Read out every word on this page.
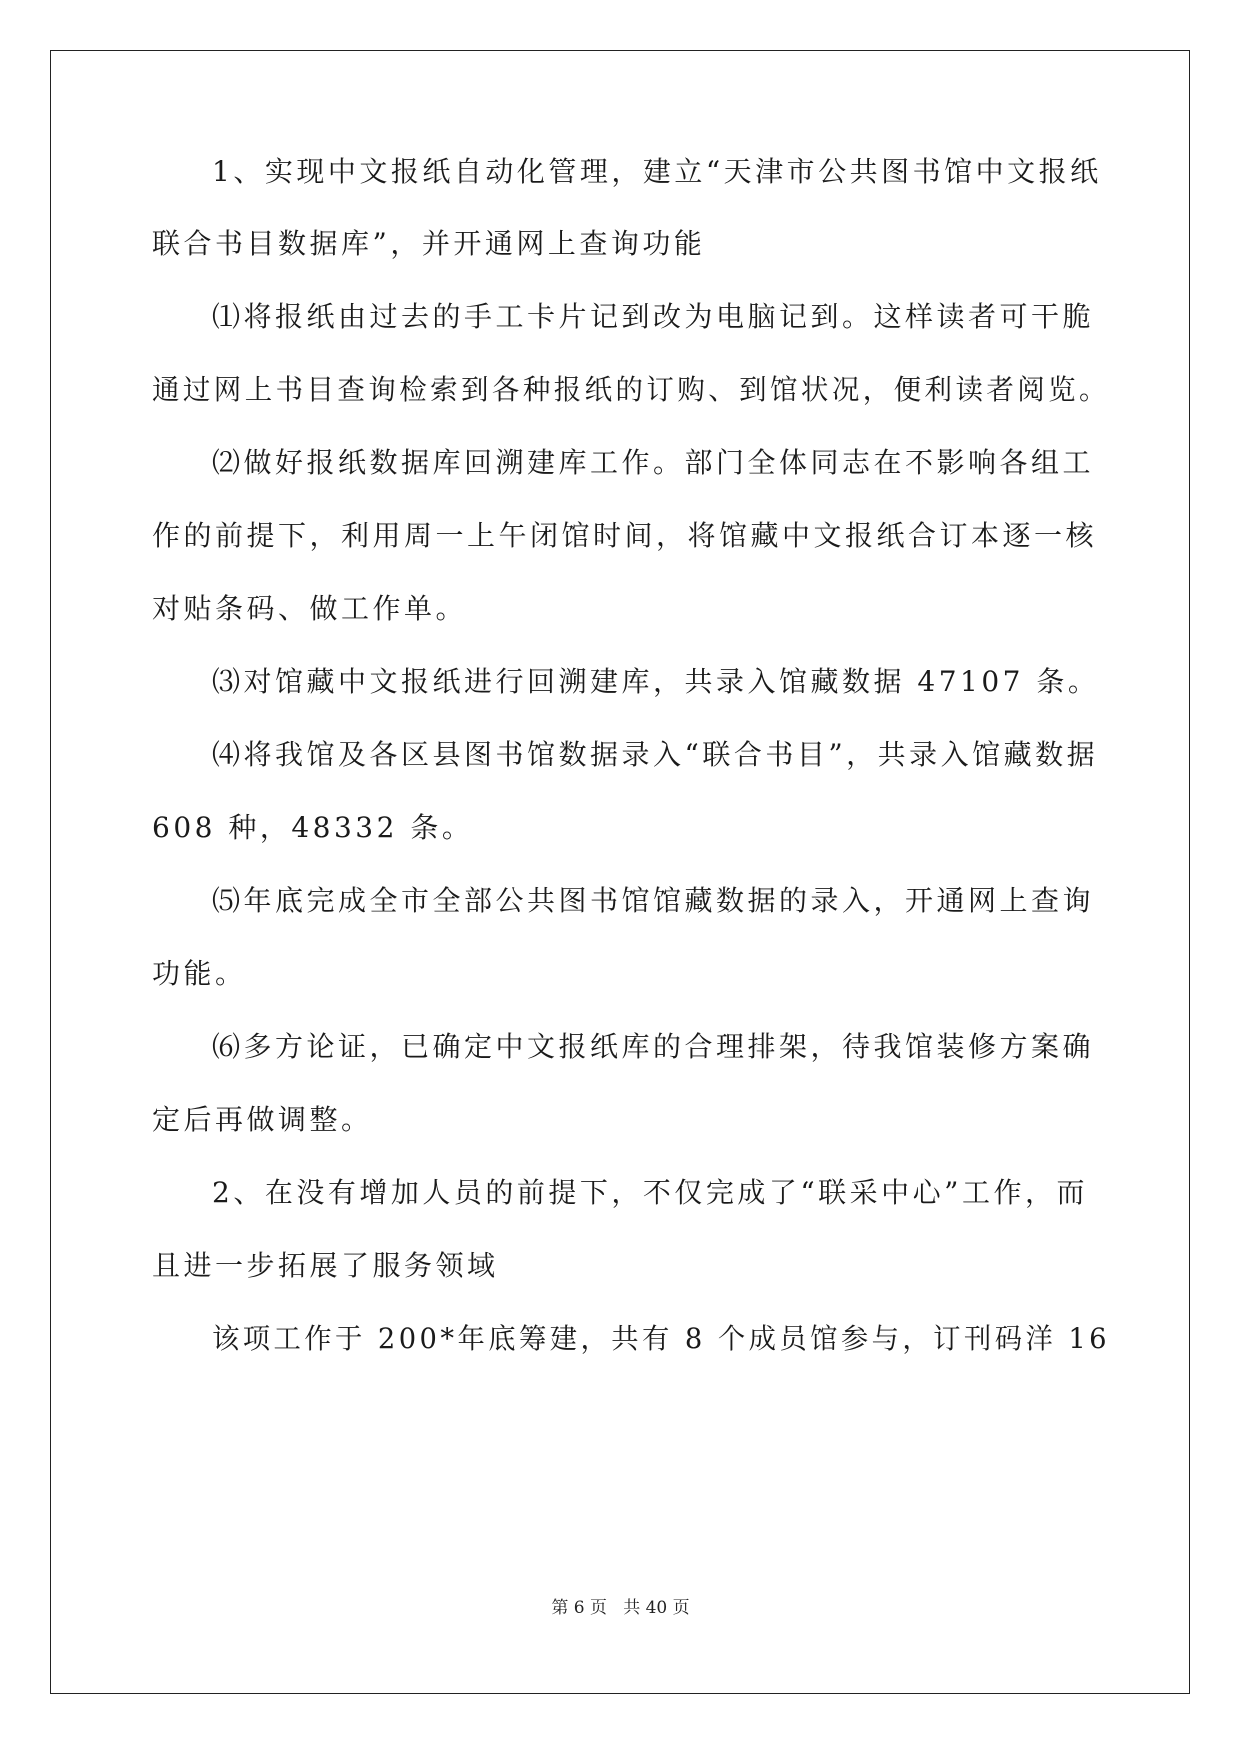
1、实现中文报纸自动化管理，建立“天津市公共图书馆中文报纸
联合书目数据库”，并开通网上查询功能
⑴将报纸由过去的手工卡片记到改为电脑记到。这样读者可干脆
通过网上书目查询检索到各种报纸的订购、到馆状况，便利读者阅览。
⑵做好报纸数据库回溯建库工作。部门全体同志在不影响各组工
作的前提下，利用周一上午闭馆时间，将馆藏中文报纸合订本逐一核
对贴条码、做工作单。
⑶对馆藏中文报纸进行回溯建库，共录入馆藏数据 47107 条。
⑷将我馆及各区县图书馆数据录入“联合书目”，共录入馆藏数据
608 种，48332 条。
⑸年底完成全市全部公共图书馆馆藏数据的录入，开通网上查询
功能。
⑹多方论证，已确定中文报纸库的合理排架，待我馆装修方案确
定后再做调整。
2、在没有增加人员的前提下，不仅完成了“联采中心”工作，而
且进一步拓展了服务领域
该项工作于 200*年底筹建，共有 8 个成员馆参与，订刊码洋 16
第 6 页   共 40 页
